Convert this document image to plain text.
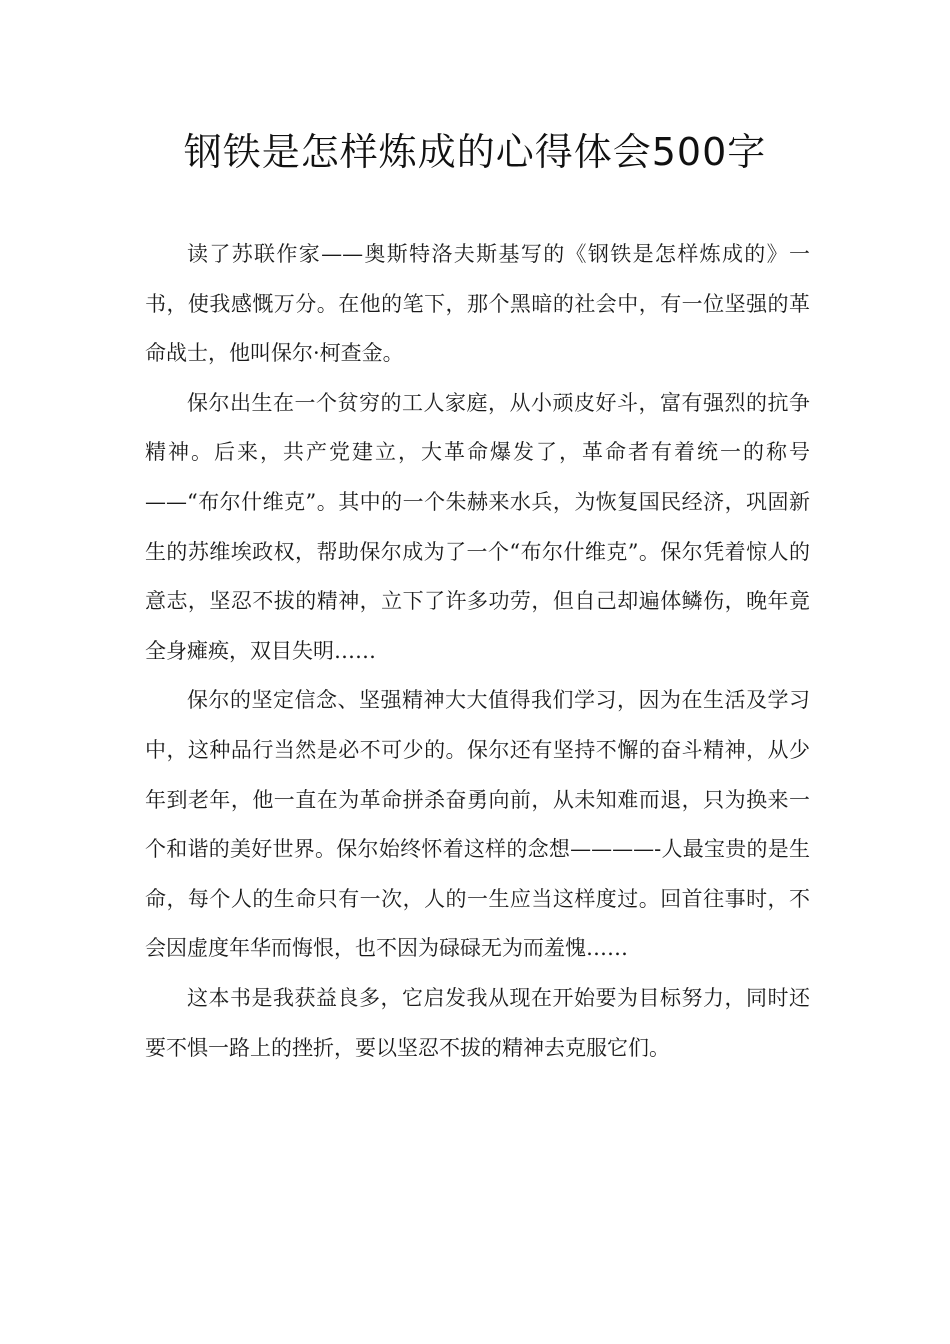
钢铁是怎样炼成的心得体会500字

读了苏联作家——奥斯特洛夫斯基写的《钢铁是怎样炼成的》一书，使我感慨万分。在他的笔下，那个黑暗的社会中，有一位坚强的革命战士，他叫保尔·柯查金。

保尔出生在一个贫穷的工人家庭，从小顽皮好斗，富有强烈的抗争精神。后来，共产党建立，大革命爆发了，革命者有着统一的称号——“布尔什维克”。其中的一个朱赫来水兵，为恢复国民经济，巩固新生的苏维埃政权，帮助保尔成为了一个“布尔什维克”。保尔凭着惊人的意志，坚忍不拔的精神，立下了许多功劳，但自己却遍体鳞伤，晚年竟全身瘫痪，双目失明……

保尔的坚定信念、坚强精神大大值得我们学习，因为在生活及学习中，这种品行当然是必不可少的。保尔还有坚持不懈的奋斗精神，从少年到老年，他一直在为革命拼杀奋勇向前，从未知难而退，只为换来一个和谐的美好世界。保尔始终怀着这样的念想————-人最宝贵的是生命，每个人的生命只有一次，人的一生应当这样度过。回首往事时，不会因虚度年华而悔恨，也不因为碌碌无为而羞愧……

这本书是我获益良多，它启发我从现在开始要为目标努力，同时还要不惧一路上的挫折，要以坚忍不拔的精神去克服它们。
